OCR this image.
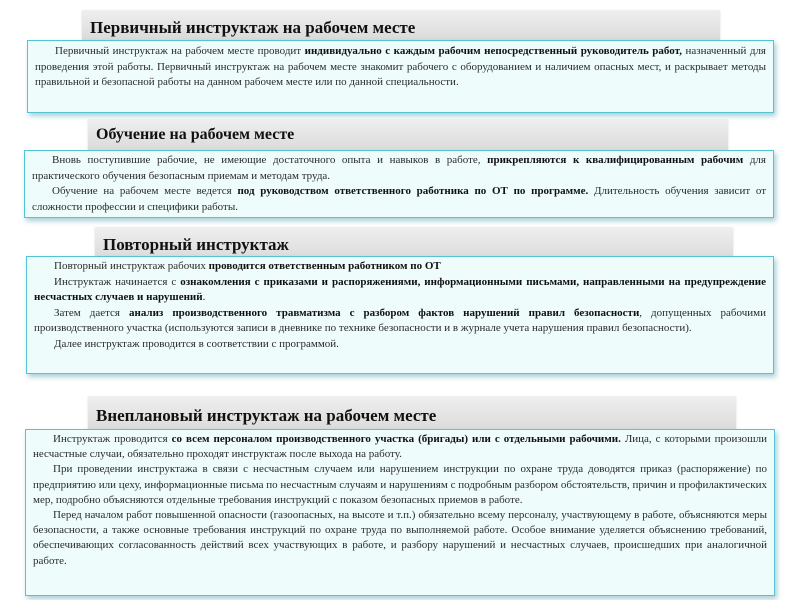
Первичный инструктаж на рабочем месте

Первичный инструктаж на рабочем месте проводит индивидуально с каждым рабочим непосредственный руководитель работ, назначенный для проведения этой работы. Первичный инструктаж на рабочем месте знакомит рабочего с оборудованием и наличием опасных мест, и раскрывает методы правильной и безопасной работы на данном рабочем месте или по данной специальности.

Обучение на рабочем месте

Вновь поступившие рабочие, не имеющие достаточного опыта и навыков в работе, прикрепляются к квалифицированным рабочим для практического обучения безопасным приемам и методам труда.

Обучение на рабочем месте ведется под руководством ответственного работника по ОТ по программе. Длительность обучения зависит от сложности профессии и специфики работы.

Повторный инструктаж

Повторный инструктаж рабочих проводится ответственным работником по ОТ

Инструктаж начинается с ознакомления с приказами и распоряжениями, информационными письмами, направленными на предупреждение несчастных случаев и нарушений.

Затем дается анализ производственного травматизма с разбором фактов нарушений правил безопасности, допущенных рабочими производственного участка (используются записи в дневнике по технике безопасности и в журнале учета нарушения правил безопасности).

Далее инструктаж проводится в соответствии с программой.

Внеплановый инструктаж на рабочем месте

Инструктаж проводится со всем персоналом производственного участка (бригады) или с отдельными рабочими. Лица, с которыми произошли несчастные случаи, обязательно проходят инструктаж после выхода на работу.

При проведении инструктажа в связи с несчастным случаем или нарушением инструкции по охране труда доводятся приказ (распоряжение) по предприятию или цеху, информационные письма по несчастным случаям и нарушениям с подробным разбором обстоятельств, причин и профилактических мер, подробно объясняются отдельные требования инструкций с показом безопасных приемов в работе.

Перед началом работ повышенной опасности (газоопасных, на высоте и т.п.) обязательно всему персоналу, участвующему в работе, объясняются меры безопасности, а также основные требования инструкций по охране труда по выполняемой работе. Особое внимание уделяется объяснению требований, обеспечивающих согласованность действий всех участвующих в работе, и разбору нарушений и несчастных случаев, происшедших при аналогичной работе.
